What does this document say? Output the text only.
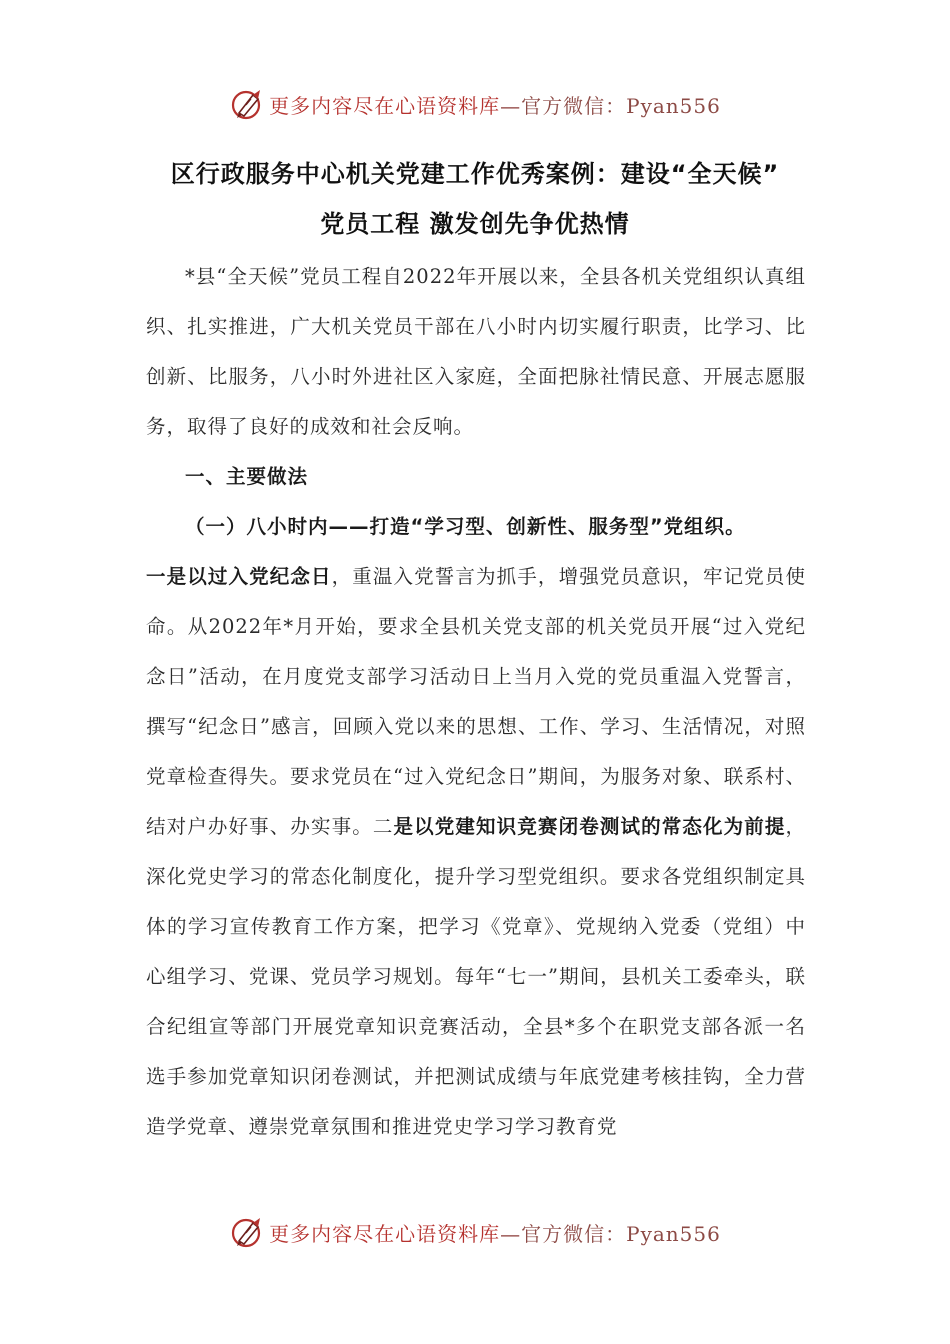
更多内容尽在心语资料库—官方微信：Pyan556
区行政服务中心机关党建工作优秀案例：建设“全天候”
党员工程 激发创先争优热情

*县“全天候”党员工程自2022年开展以来，全县各机关党组织认真组织、扎实推进，广大机关党员干部在八小时内切实履行职责，比学习、比创新、比服务，八小时外进社区入家庭，全面把脉社情民意、开展志愿服务，取得了良好的成效和社会反响。

一、主要做法

（一）八小时内——打造“学习型、创新性、服务型”党组织。

一是以过入党纪念日，重温入党誓言为抓手，增强党员意识，牢记党员使命。从2022年*月开始，要求全县机关党支部的机关党员开展“过入党纪念日”活动，在月度党支部学习活动日上当月入党的党员重温入党誓言，撰写“纪念日”感言，回顾入党以来的思想、工作、学习、生活情况，对照党章检查得失。要求党员在“过入党纪念日”期间，为服务对象、联系村、结对户办好事、办实事。二是以党建知识竞赛闭卷测试的常态化为前提，深化党史学习的常态化制度化，提升学习型党组织。要求各党组织制定具体的学习宣传教育工作方案，把学习《党章》、党规纳入党委（党组）中心组学习、党课、党员学习规划。每年“七一”期间，县机关工委牵头，联合纪组宣等部门开展党章知识竞赛活动，全县*多个在职党支部各派一名选手参加党章知识闭卷测试，并把测试成绩与年底党建考核挂钩，全力营造学党章、遵崇党章氛围和推进党史学习学习教育党

更多内容尽在心语资料库—官方微信：Pyan556
